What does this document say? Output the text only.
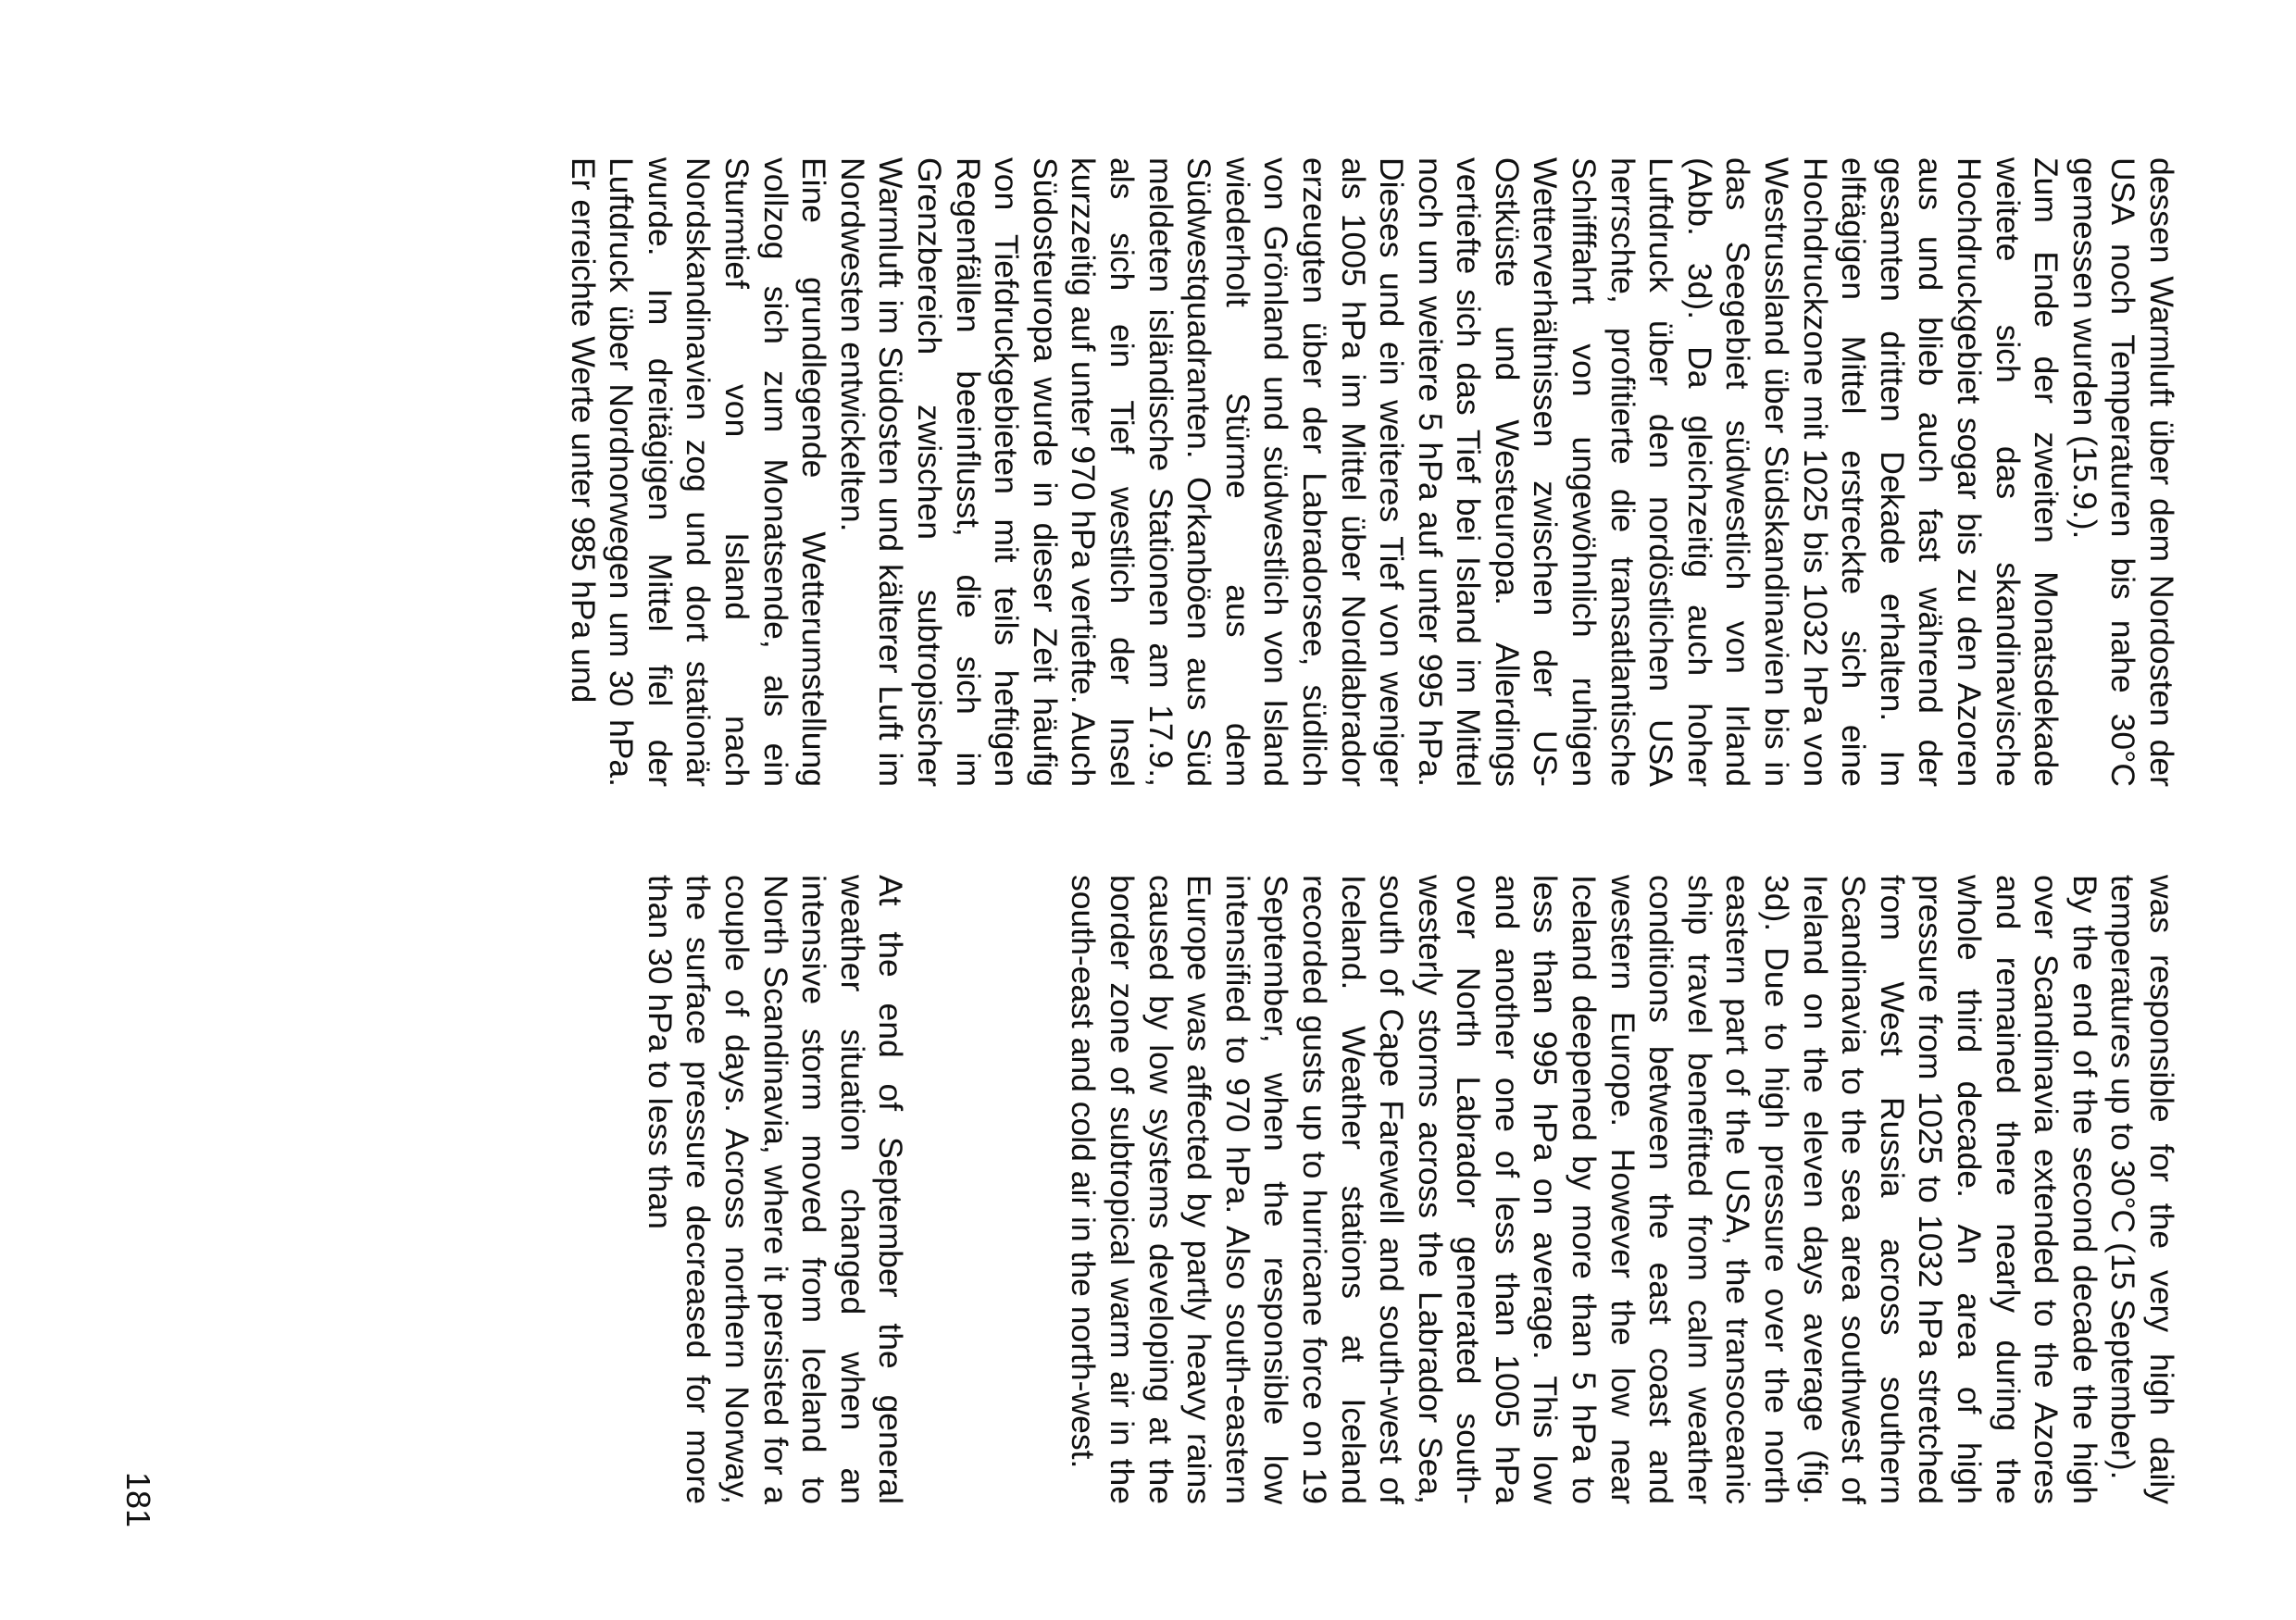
dessen Warmluft über dem Nordosten der USA noch Temperaturen bis nahe 30°C gemessen wurden (15.9.).

Zum Ende der zweiten Monatsdekade weitete sich das skandinavische Hochdruckgebiet sogar bis zu den Azoren aus und blieb auch fast während der gesamten dritten Dekade erhalten. Im elftägigen Mittel erstreckte sich eine Hochdruckzone mit 1025 bis 1032 hPa von Westrussland über Südskandinavien bis in das Seegebiet südwestlich von Irland (Abb. 3d). Da gleichzeitig auch hoher Luftdruck über den nordöstlichen USA herrschte, profitierte die transatlantische Schifffahrt von ungewöhnlich ruhigen Wetterverhältnissen zwischen der US-Ostküste und Westeuropa. Allerdings vertiefte sich das Tief bei Island im Mittel noch um weitere 5 hPa auf unter 995 hPa. Dieses und ein weiteres Tief von weniger als 1005 hPa im Mittel über Nordlabrador erzeugten über der Labradorsee, südlich von Grönland und südwestlich von Island wiederholt Stürme aus dem Südwestquadranten. Orkanböen aus Süd meldeten isländische Stationen am 17.9., als sich ein Tief westlich der Insel kurzzeitig auf unter 970 hPa vertiefte. Auch Südosteuropa wurde in dieser Zeit häufig von Tiefdruckgebieten mit teils heftigen Regenfällen beeinflusst, die sich im Grenzbereich zwischen subtropischer Warmluft im Südosten und kälterer Luft im Nordwesten entwickelten.

Eine grundlegende Wetterumstellung vollzog sich zum Monatsende, als ein Sturmtief von Island nach Nordskandinavien zog und dort stationär wurde. Im dreitägigen Mittel fiel der Luftdruck über Nordnorwegen um 30 hPa. Er erreichte Werte unter 985 hPa und

was responsible for the very high daily temperatures up to 30°C (15 September).

By the end of the second decade the high over Scandinavia extended to the Azores and remained there nearly during the whole third decade. An area of high pressure from 1025 to 1032 hPa stretched from West Russia across southern Scandinavia to the sea area southwest of Ireland on the eleven days average (fig. 3d). Due to high pressure over the north eastern part of the USA, the transoceanic ship travel benefitted from calm weather conditions between the east coast and western Europe. However the low near Iceland deepened by more than 5 hPa to less than 995 hPa on average. This low and another one of less than 1005 hPa over North Labrador generated south-westerly storms across the Labrador Sea, south of Cape Farewell and south-west of Iceland. Weather stations at Iceland recorded gusts up to hurricane force on 19 September, when the responsible low intensified to 970 hPa. Also south-eastern Europe was affected by partly heavy rains caused by low systems developing at the border zone of subtropical warm air in the south-east and cold air in the north-west.

At the end of September the general weather situation changed when an intensive storm moved from Iceland to North Scandinavia, where it persisted for a couple of days. Across northern Norway, the surface pressure decreased for more than 30 hPa to less than

181
